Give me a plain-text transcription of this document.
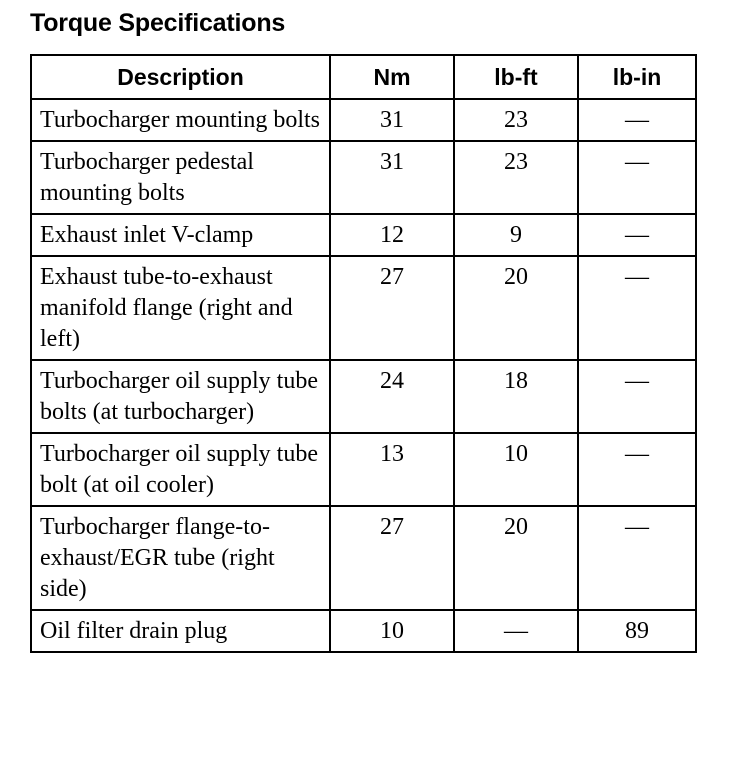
Torque Specifications
Description	Nm	lb-ft	lb-in
Turbocharger mounting bolts	31	23	—
Turbocharger pedestal mounting bolts	31	23	—
Exhaust inlet V-clamp	12	9	—
Exhaust tube-to-exhaust manifold flange (right and left)	27	20	—
Turbocharger oil supply tube bolts (at turbocharger)	24	18	—
Turbocharger oil supply tube bolt (at oil cooler)	13	10	—
Turbocharger flange-to-exhaust/EGR tube (right side)	27	20	—
Oil filter drain plug	10	—	89
